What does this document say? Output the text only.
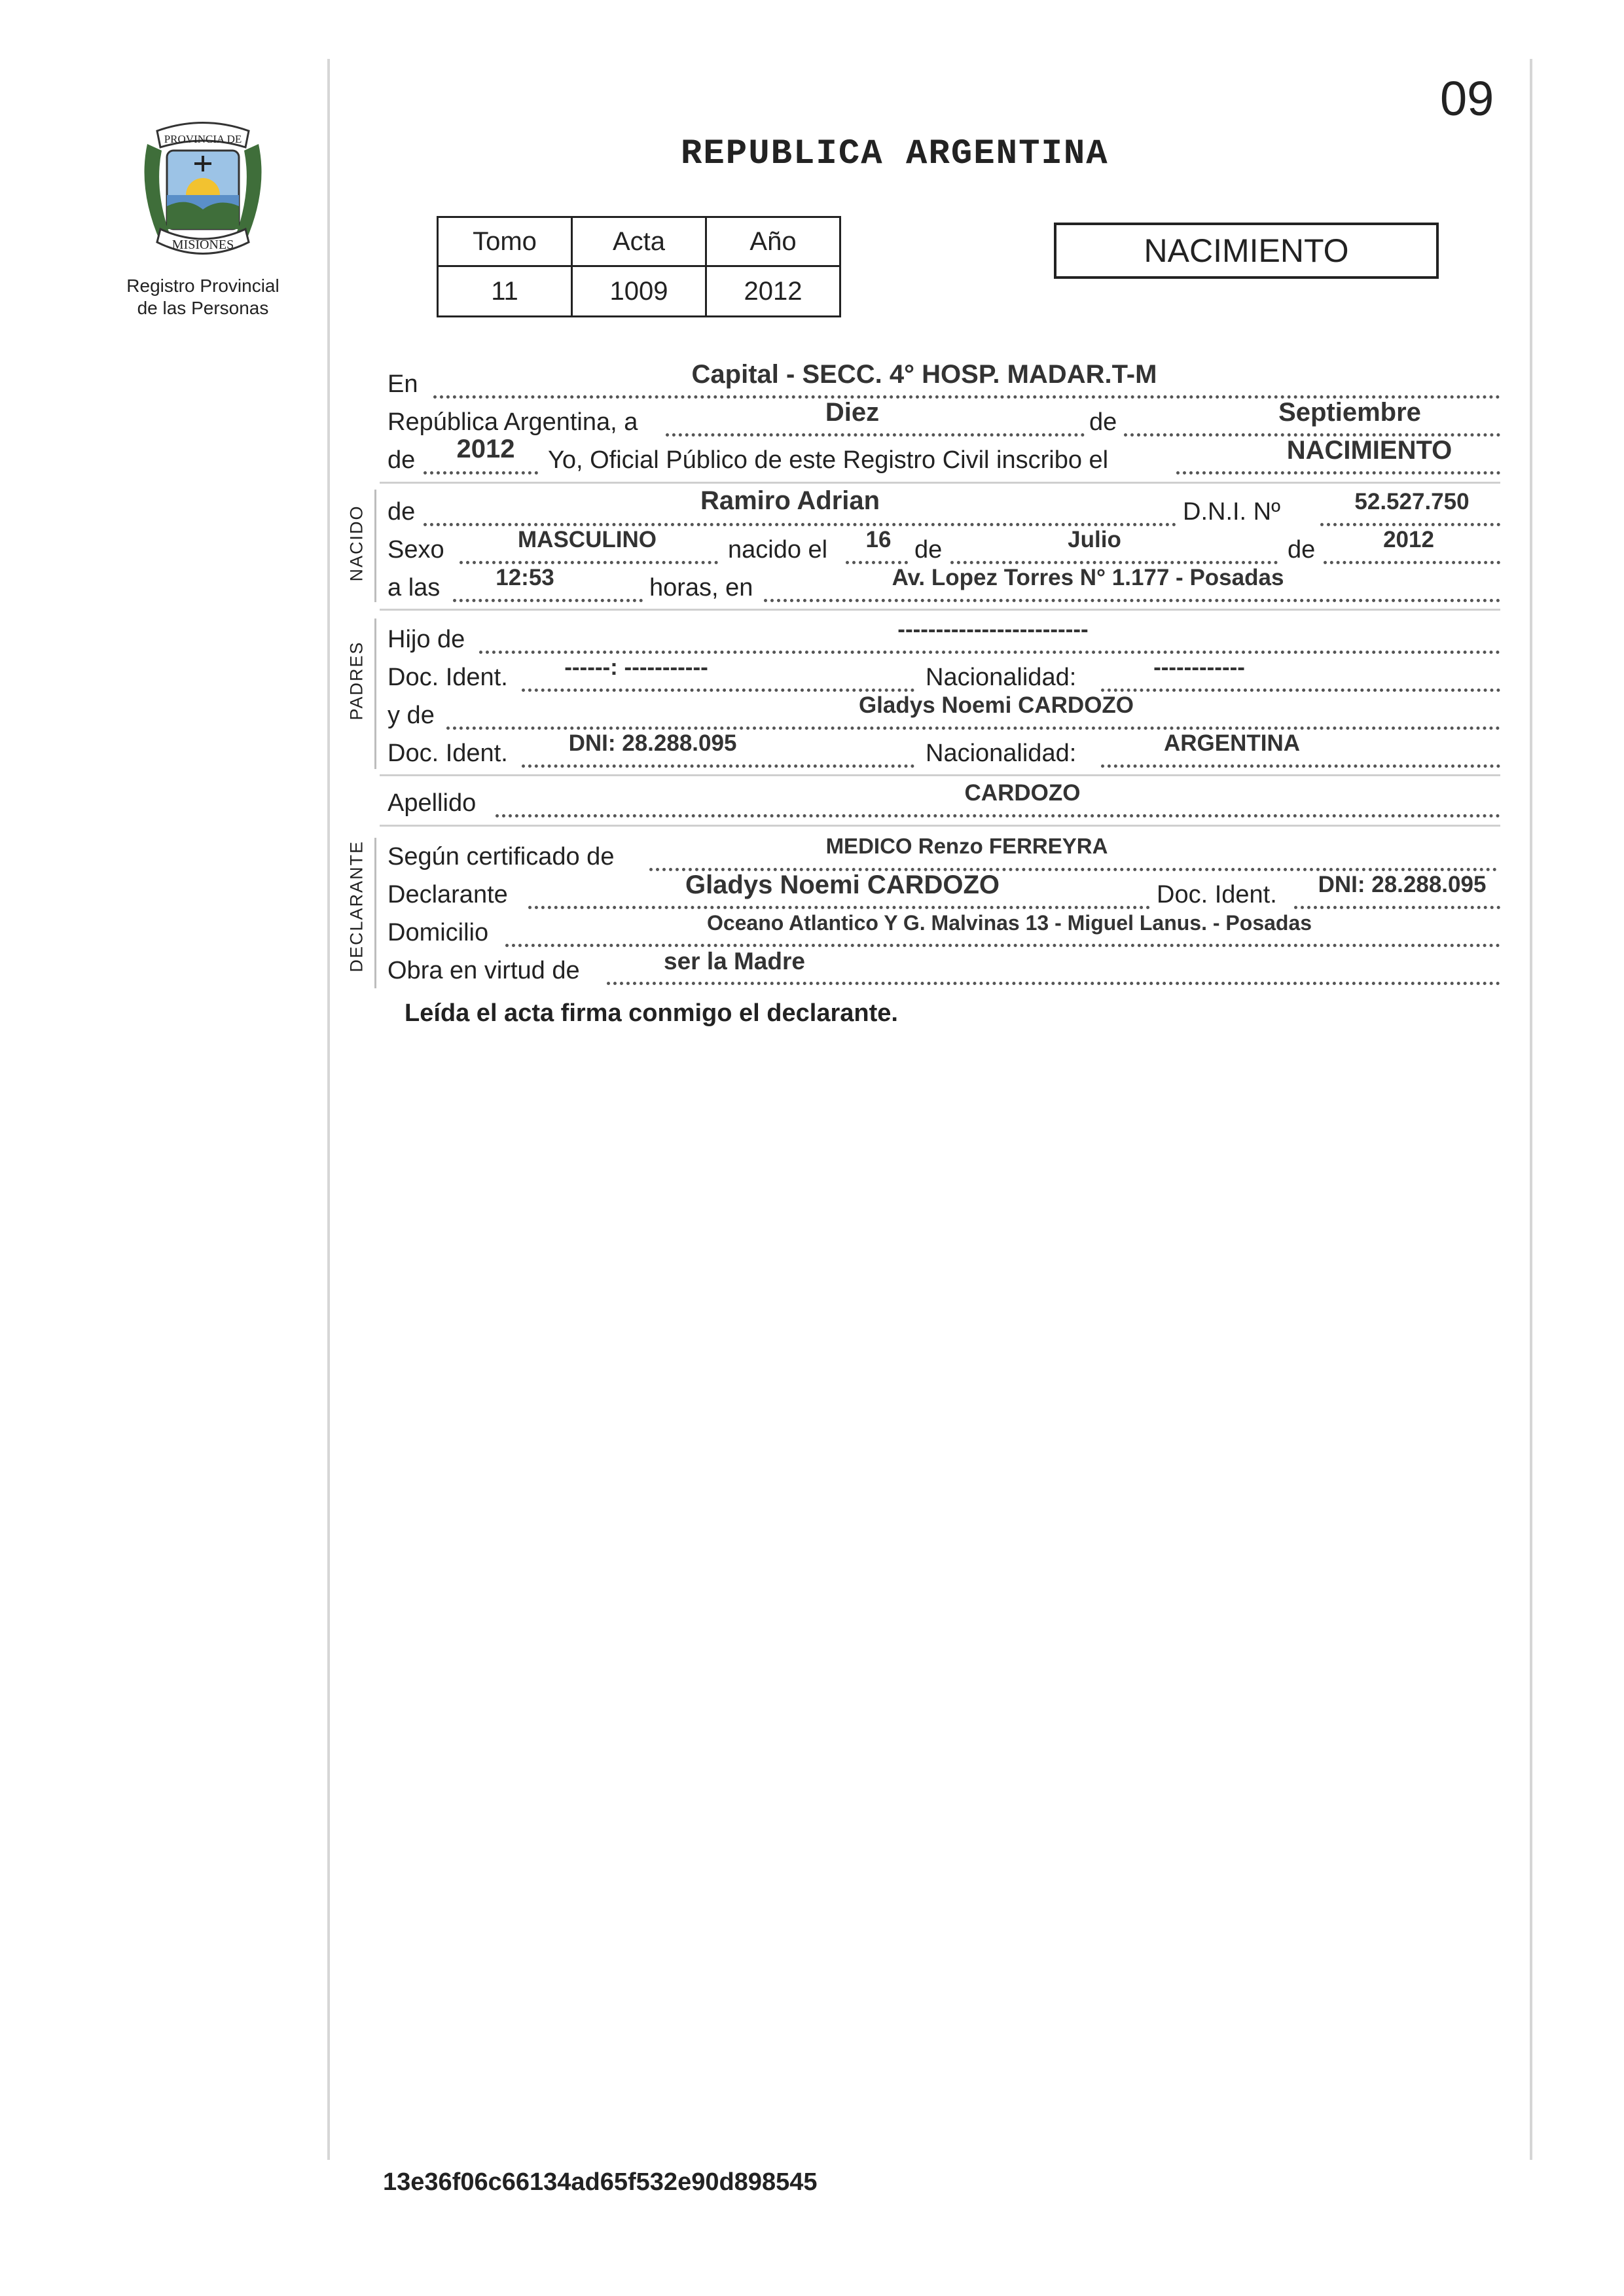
09
REPUBLICA ARGENTINA
PROVINCIA DE
MISIONES
Registro Provincial
de las Personas
Tomo	Acta	Año
11	1009	2012
NACIMIENTO
En	Capital - SECC. 4° HOSP. MADAR.T-M
República Argentina, a	Diez	de	Septiembre
de	2012	Yo, Oficial Público de este Registro Civil inscribo el	NACIMIENTO
NACIDO de	Ramiro Adrian	D.N.I. Nº	52.527.750
Sexo	MASCULINO	nacido el	16 de	Julio	de	2012
a las	12:53	horas, en	Av. Lopez Torres N° 1.177 - Posadas
PADRES
Hijo de	-------------------------
Doc. Ident.	------: -----------	Nacionalidad:	------------
y de	Gladys Noemi CARDOZO
Doc. Ident.	DNI: 28.288.095	Nacionalidad:	ARGENTINA
Apellido	CARDOZO
DECLARANTE Según certificado de	MEDICO Renzo FERREYRA
Declarante	Gladys Noemi CARDOZO	Doc. Ident.	DNI: 28.288.095
Domicilio	Oceano Atlantico Y G. Malvinas 13 - Miguel Lanus. - Posadas
Obra en virtud de	ser la Madre
Leída el acta firma conmigo el declarante.
13e36f06c66134ad65f532e90d898545
